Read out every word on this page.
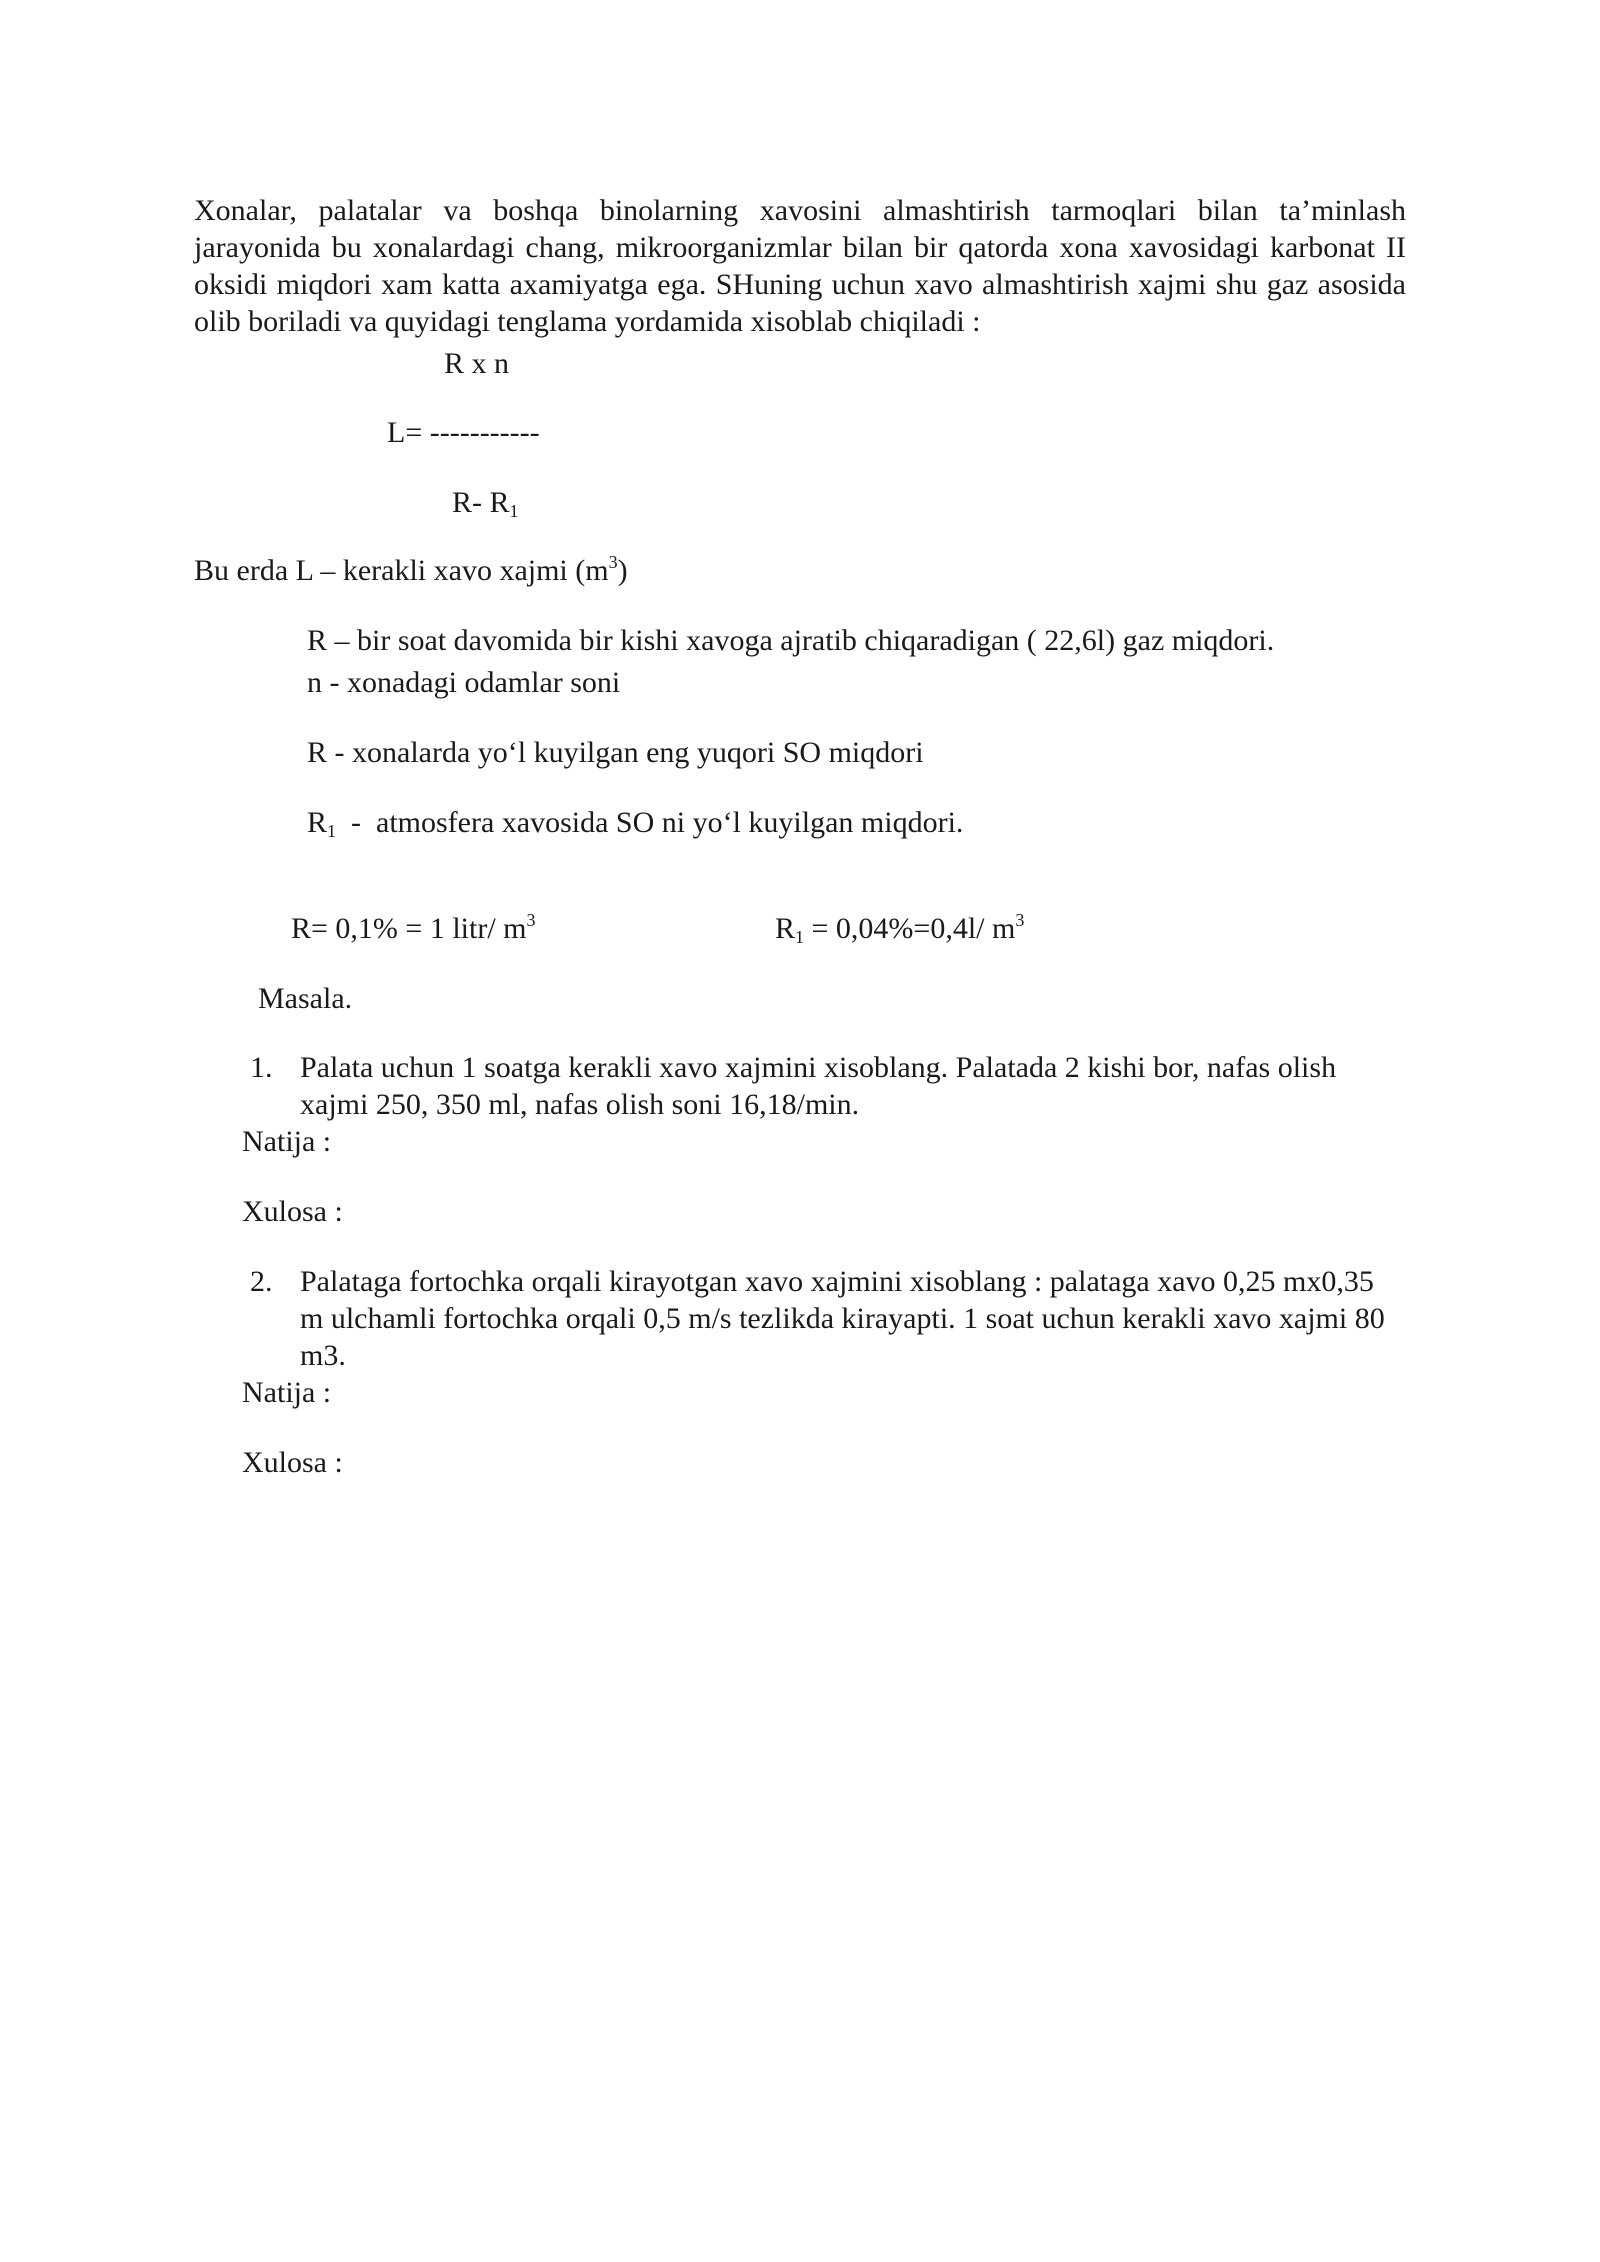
Xonalar, palatalar va boshqa binolarning xavosini almashtirish tarmoqlari bilan ta’minlash jarayonida bu xonalardagi chang, mikroorganizmlar bilan bir qatorda xona xavosidagi karbonat II oksidi miqdori xam katta axamiyatga ega. SHuning uchun xavo almashtirish xajmi shu gaz asosida olib boriladi va quyidagi tenglama yordamida xisoblab chiqiladi :

R x n

L= -----------

R- $R_1$

Bu erda L – kerakli xavo xajmi $(m^3)$

R – bir soat davomida bir kishi xavoga ajratib chiqaradigan ( 22,6l) gaz miqdori.

n - xonadagi odamlar soni

R - xonalarda yo‘l kuyilgan eng yuqori SO miqdori

$R_1$  -  atmosfera xavosida SO ni yo‘l kuyilgan miqdori.

R= 0,1% = 1 litr/ $m^3$	$R_1 = 0,04\%=0,4l/$ $m^3$

Masala.

1. Palata uchun 1 soatga kerakli xavo xajmini xisoblang. Palatada 2 kishi bor, nafas olish xajmi 250, 350 ml, nafas olish soni 16,18/min.

Natija :

Xulosa :

2. Palataga fortochka orqali kirayotgan xavo xajmini xisoblang : palataga xavo 0,25 mx0,35 m ulchamli fortochka orqali 0,5 m/s tezlikda kirayapti. 1 soat uchun kerakli xavo xajmi 80 m3.

Natija :

Xulosa :
